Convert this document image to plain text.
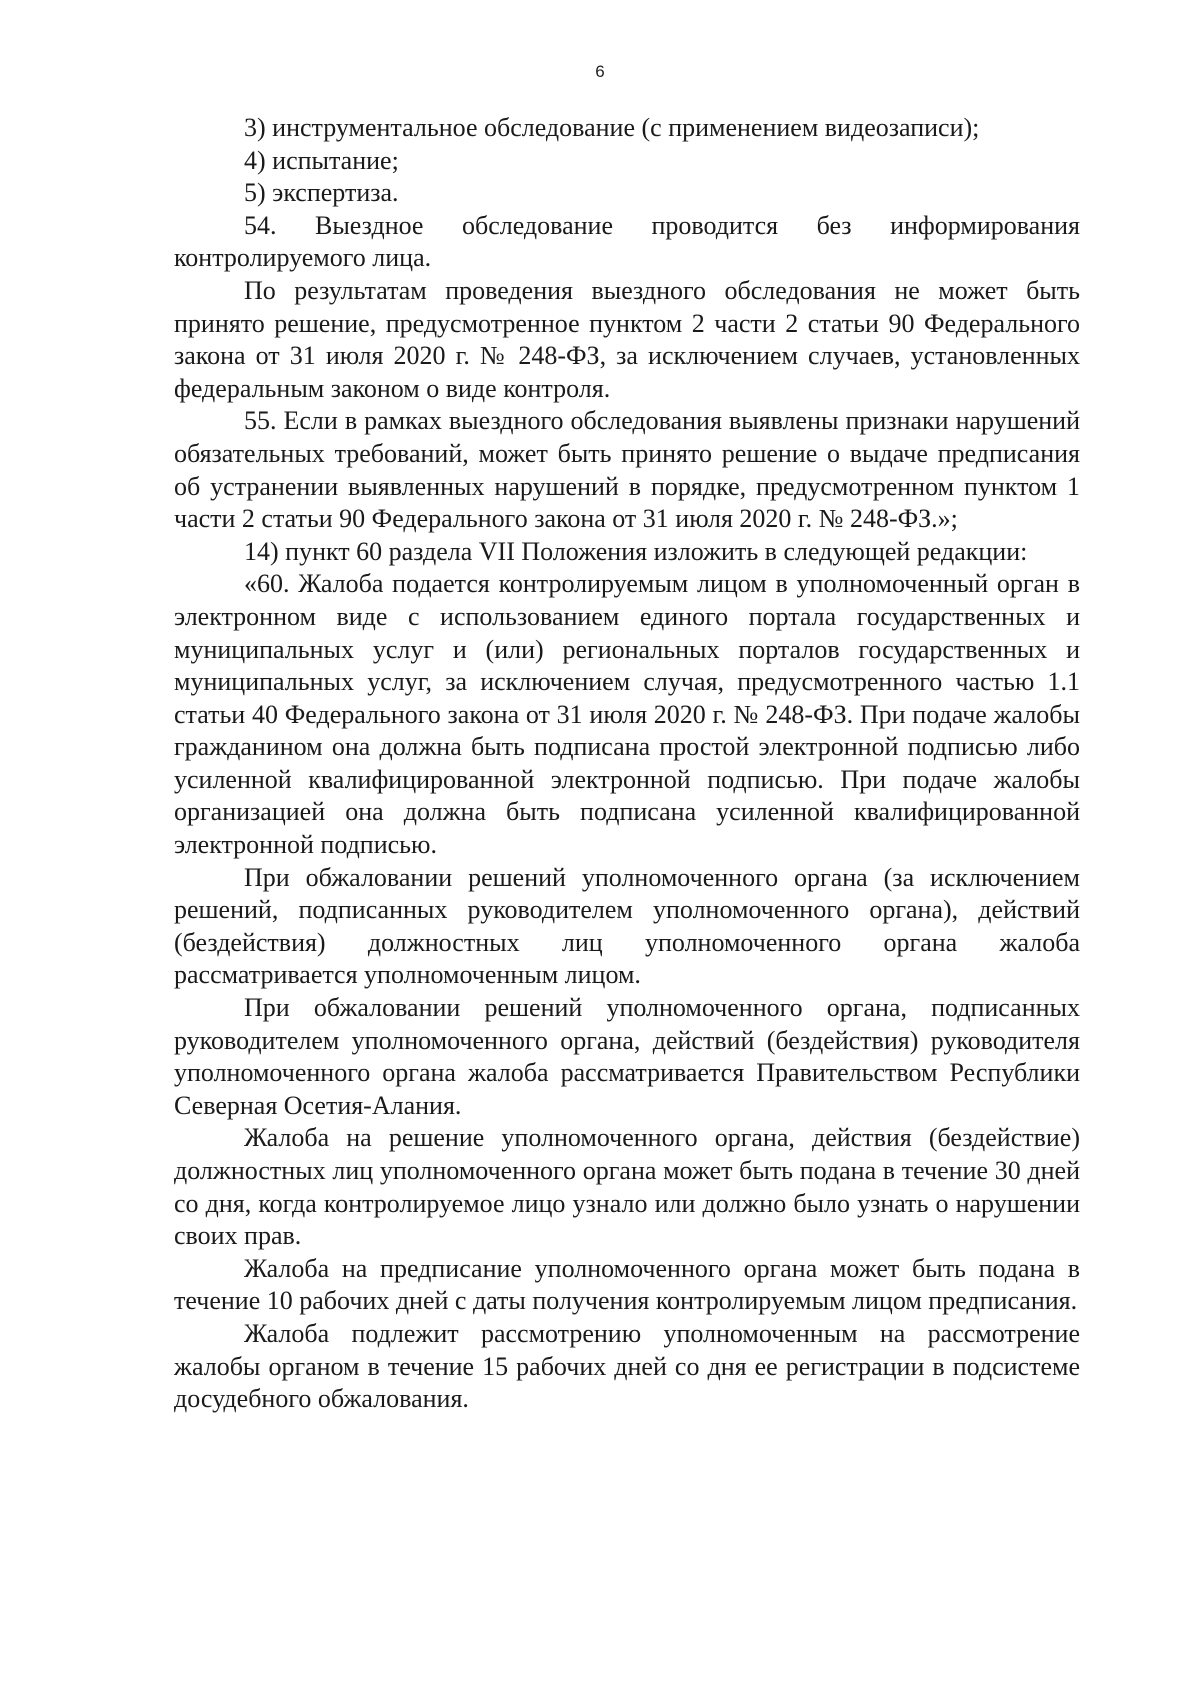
6

3) инструментальное обследование (с применением видеозаписи);

4) испытание;

5) экспертиза.

54. Выездное обследование проводится без информирования контролируемого лица.

По результатам проведения выездного обследования не может быть принято решение, предусмотренное пунктом 2 части 2 статьи 90 Федерального закона от 31 июля 2020 г. № 248-ФЗ, за исключением случаев, установленных федеральным законом о виде контроля.

55. Если в рамках выездного обследования выявлены признаки нарушений обязательных требований, может быть принято решение о выдаче предписания об устранении выявленных нарушений в порядке, предусмотренном пунктом 1 части 2 статьи 90 Федерального закона от 31 июля 2020 г. № 248-ФЗ.»;

14) пункт 60 раздела VII Положения изложить в следующей редакции:

«60. Жалоба подается контролируемым лицом в уполномоченный орган в электронном виде с использованием единого портала государственных и муниципальных услуг и (или) региональных порталов государственных и муниципальных услуг, за исключением случая, предусмотренного частью 1.1 статьи 40 Федерального закона от 31 июля 2020 г. № 248-ФЗ. При подаче жалобы гражданином она должна быть подписана простой электронной подписью либо усиленной квалифицированной электронной подписью. При подаче жалобы организацией она должна быть подписана усиленной квалифицированной электронной подписью.

При обжаловании решений уполномоченного органа (за исключением решений, подписанных руководителем уполномоченного органа), действий (бездействия) должностных лиц уполномоченного органа жалоба рассматривается уполномоченным лицом.

При обжаловании решений уполномоченного органа, подписанных руководителем уполномоченного органа, действий (бездействия) руководителя уполномоченного органа жалоба рассматривается Правительством Республики Северная Осетия-Алания.

Жалоба на решение уполномоченного органа, действия (бездействие) должностных лиц уполномоченного органа может быть подана в течение 30 дней со дня, когда контролируемое лицо узнало или должно было узнать о нарушении своих прав.

Жалоба на предписание уполномоченного органа может быть подана в течение 10 рабочих дней с даты получения контролируемым лицом предписания.

Жалоба подлежит рассмотрению уполномоченным на рассмотрение жалобы органом в течение 15 рабочих дней со дня ее регистрации в подсистеме досудебного обжалования.
